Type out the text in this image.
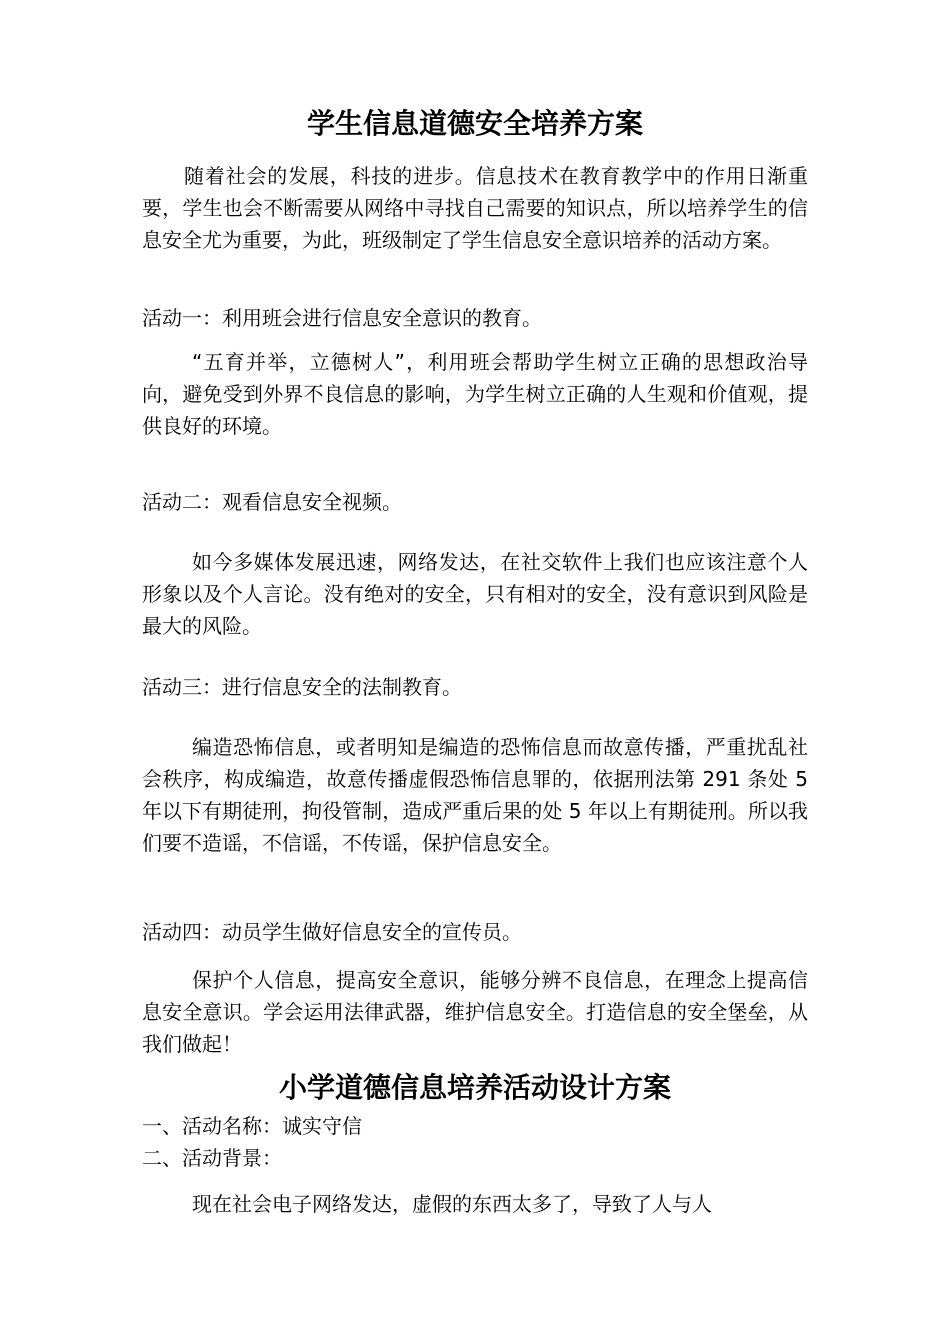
学生信息道德安全培养方案

随着社会的发展，科技的进步。信息技术在教育教学中的作用日渐重要，学生也会不断需要从网络中寻找自己需要的知识点，所以培养学生的信息安全尤为重要，为此，班级制定了学生信息安全意识培养的活动方案。

活动一：利用班会进行信息安全意识的教育。

“五育并举，立德树人”，利用班会帮助学生树立正确的思想政治导向，避免受到外界不良信息的影响，为学生树立正确的人生观和价值观，提供良好的环境。

活动二：观看信息安全视频。

如今多媒体发展迅速，网络发达，在社交软件上我们也应该注意个人形象以及个人言论。没有绝对的安全，只有相对的安全，没有意识到风险是最大的风险。

活动三：进行信息安全的法制教育。

编造恐怖信息，或者明知是编造的恐怖信息而故意传播，严重扰乱社会秩序，构成编造，故意传播虚假恐怖信息罪的，依据刑法第 291 条处 5 年以下有期徒刑，拘役管制，造成严重后果的处 5 年以上有期徒刑。所以我们要不造谣，不信谣，不传谣，保护信息安全。

活动四：动员学生做好信息安全的宣传员。

保护个人信息，提高安全意识，能够分辨不良信息，在理念上提高信息安全意识。学会运用法律武器，维护信息安全。打造信息的安全堡垒，从我们做起！

小学道德信息培养活动设计方案

一、活动名称：诚实守信

二、活动背景：

现在社会电子网络发达，虚假的东西太多了，导致了人与人
